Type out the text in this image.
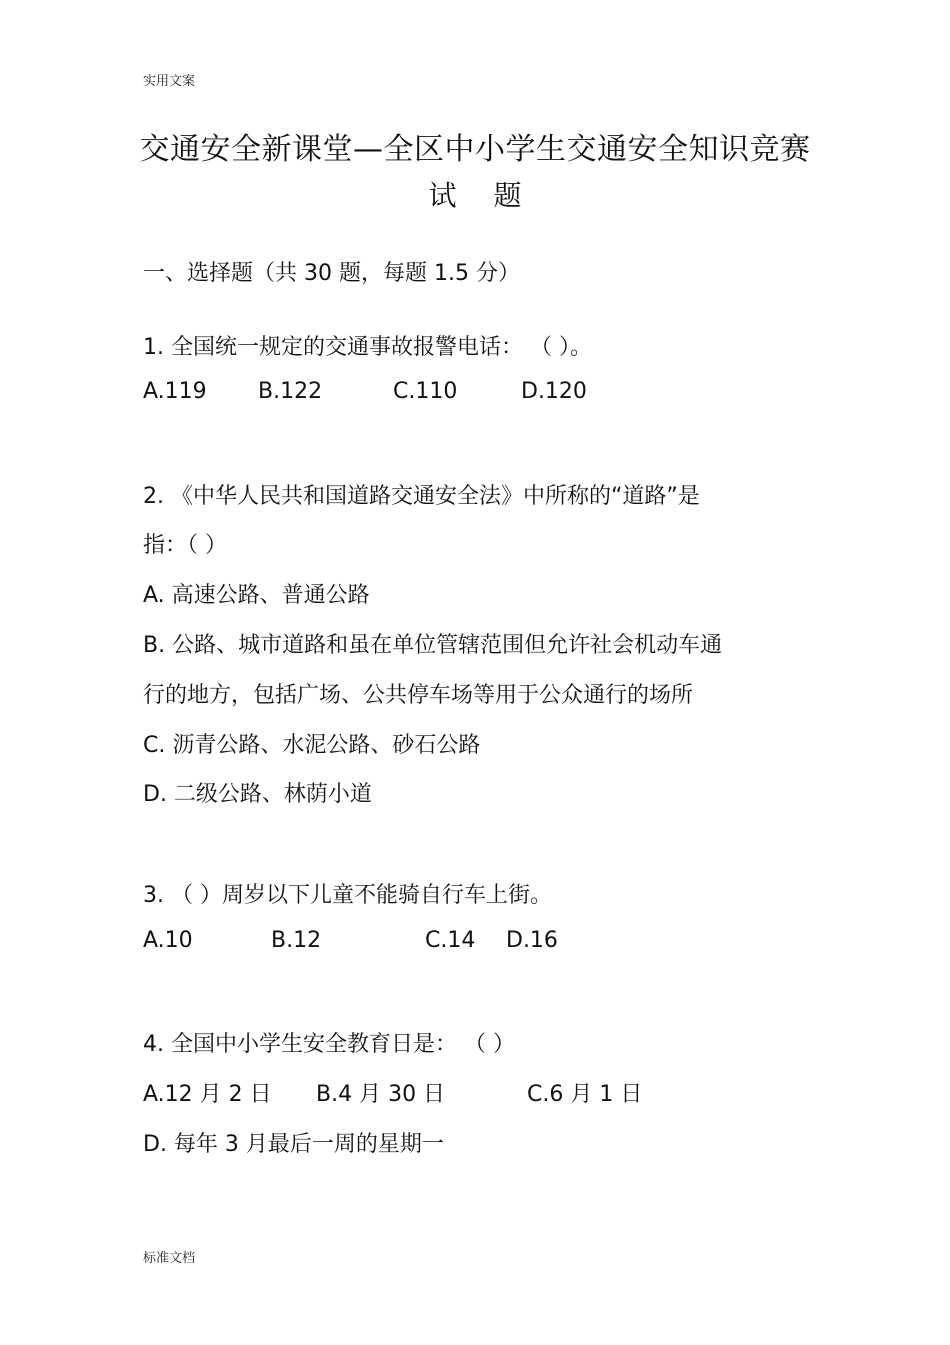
实用文案
交通安全新课堂—全区中小学生交通安全知识竞赛
试 题
一、选择题（共 30 题，每题 1.5 分）
1. 全国统一规定的交通事故报警电话： （ ）。
A.119 B.122	C.110	D.120
2. 《中华人民共和国道路交通安全法》中所称的“道路”是
指：（ ）
A. 高速公路、普通公路
B. 公路、城市道路和虽在单位管辖范围但允许社会机动车通
行的地方，包括广场、公共停车场等用于公众通行的场所
C. 沥青公路、水泥公路、砂石公路
D. 二级公路、林荫小道
3. （ ）周岁以下儿童不能骑自行车上街。
A.10	B.12	C.14 D.16
4. 全国中小学生安全教育日是： （ ）
A.12 月 2 日 B.4 月 30 日	C.6 月 1 日
D. 每年 3 月最后一周的星期一
标准文档
